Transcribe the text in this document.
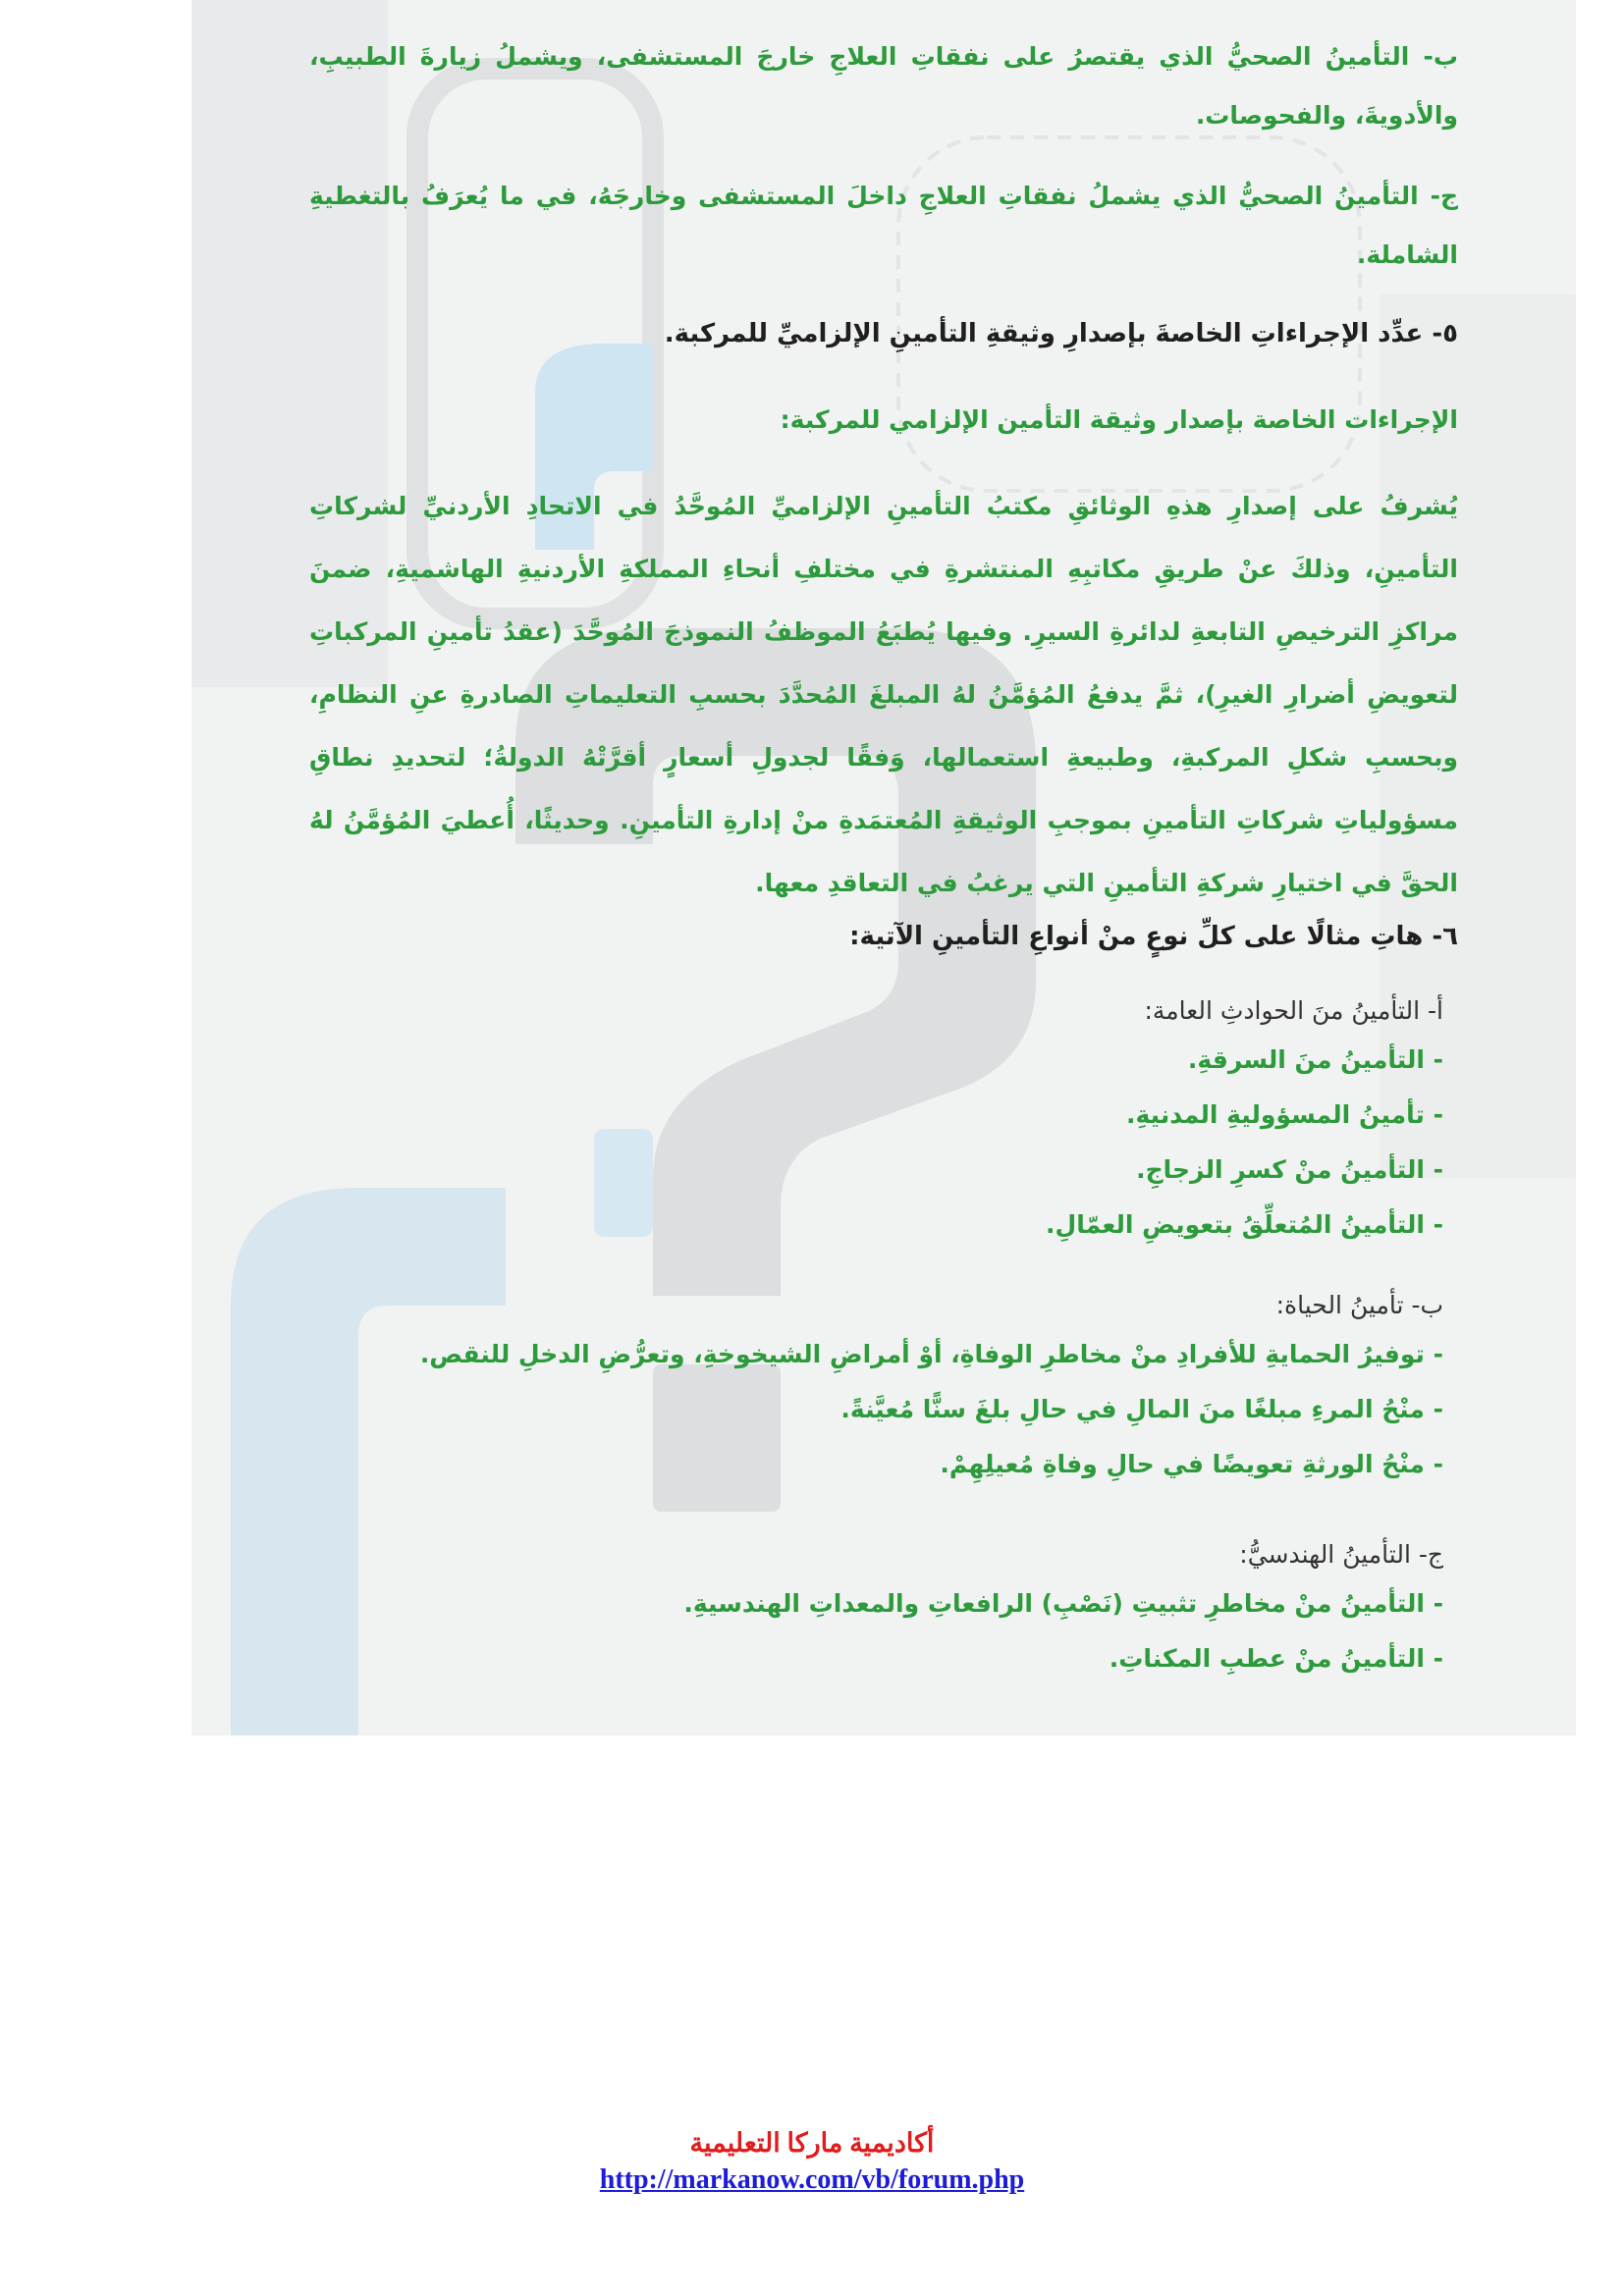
ب- التأمينُ الصحيُّ الذي يقتصرُ على نفقاتِ العلاجِ خارجَ المستشفى، ويشملُ زيارةَ الطبيبِ، والأدويةَ، والفحوصات.

ج- التأمينُ الصحيُّ الذي يشملُ نفقاتِ العلاجِ داخلَ المستشفى وخارجَهُ، في ما يُعرَفُ بالتغطيةِ الشاملة.

٥- عدِّد الإجراءاتِ الخاصةَ بإصدارِ وثيقةِ التأمينِ الإلزاميِّ للمركبة.

الإجراءات الخاصة بإصدار وثيقة التأمين الإلزامي للمركبة:

يُشرفُ على إصدارِ هذهِ الوثائقِ مكتبُ التأمينِ الإلزاميِّ المُوحَّدُ في الاتحادِ الأردنيِّ لشركاتِ التأمينِ، وذلكَ عنْ طريقِ مكاتبِهِ المنتشرةِ في مختلفِ أنحاءِ المملكةِ الأردنيةِ الهاشميةِ، ضمنَ مراكزِ الترخيصِ التابعةِ لدائرةِ السيرِ. وفيها يُطبَعُ الموظفُ النموذجَ المُوحَّدَ (عقدُ تأمينِ المركباتِ لتعويضِ أضرارِ الغيرِ)، ثمَّ يدفعُ المُؤمَّنُ لهُ المبلغَ المُحدَّدَ بحسبِ التعليماتِ الصادرةِ عنِ النظامِ، وبحسبِ شكلِ المركبةِ، وطبيعةِ استعمالها، وَفقًا لجدولِ أسعارٍ أقرَّتْهُ الدولةُ؛ لتحديدِ نطاقِ مسؤولياتِ شركاتِ التأمينِ بموجبِ الوثيقةِ المُعتمَدةِ منْ إدارةِ التأمينِ. وحديثًا، أُعطيَ المُؤمَّنُ لهُ الحقَّ في اختيارِ شركةِ التأمينِ التي يرغبُ في التعاقدِ معها.

٦- هاتِ مثالًا على كلِّ نوعٍ منْ أنواعِ التأمينِ الآتية:

أ- التأمينُ منَ الحوادثِ العامة:
- التأمينُ منَ السرقةِ.
- تأمينُ المسؤوليةِ المدنيةِ.
- التأمينُ منْ كسرِ الزجاجِ.
- التأمينُ المُتعلِّقُ بتعويضِ العمّالِ.
ب- تأمينُ الحياة:
- توفيرُ الحمايةِ للأفرادِ منْ مخاطرِ الوفاةِ، أوْ أمراضِ الشيخوخةِ، وتعرُّضِ الدخلِ للنقص.
- منْحُ المرءِ مبلغًا منَ المالِ في حالِ بلغَ سنًّا مُعيَّنةً.
- منْحُ الورثةِ تعويضًا في حالِ وفاةِ مُعيلِهِمْ.
ج- التأمينُ الهندسيُّ:
- التأمينُ منْ مخاطرِ تثبيتِ (نَصْبِ) الرافعاتِ والمعداتِ الهندسيةِ.
- التأمينُ منْ عطبِ المكناتِ.
أكاديمية ماركا التعليمية
http://markanow.com/vb/forum.php
